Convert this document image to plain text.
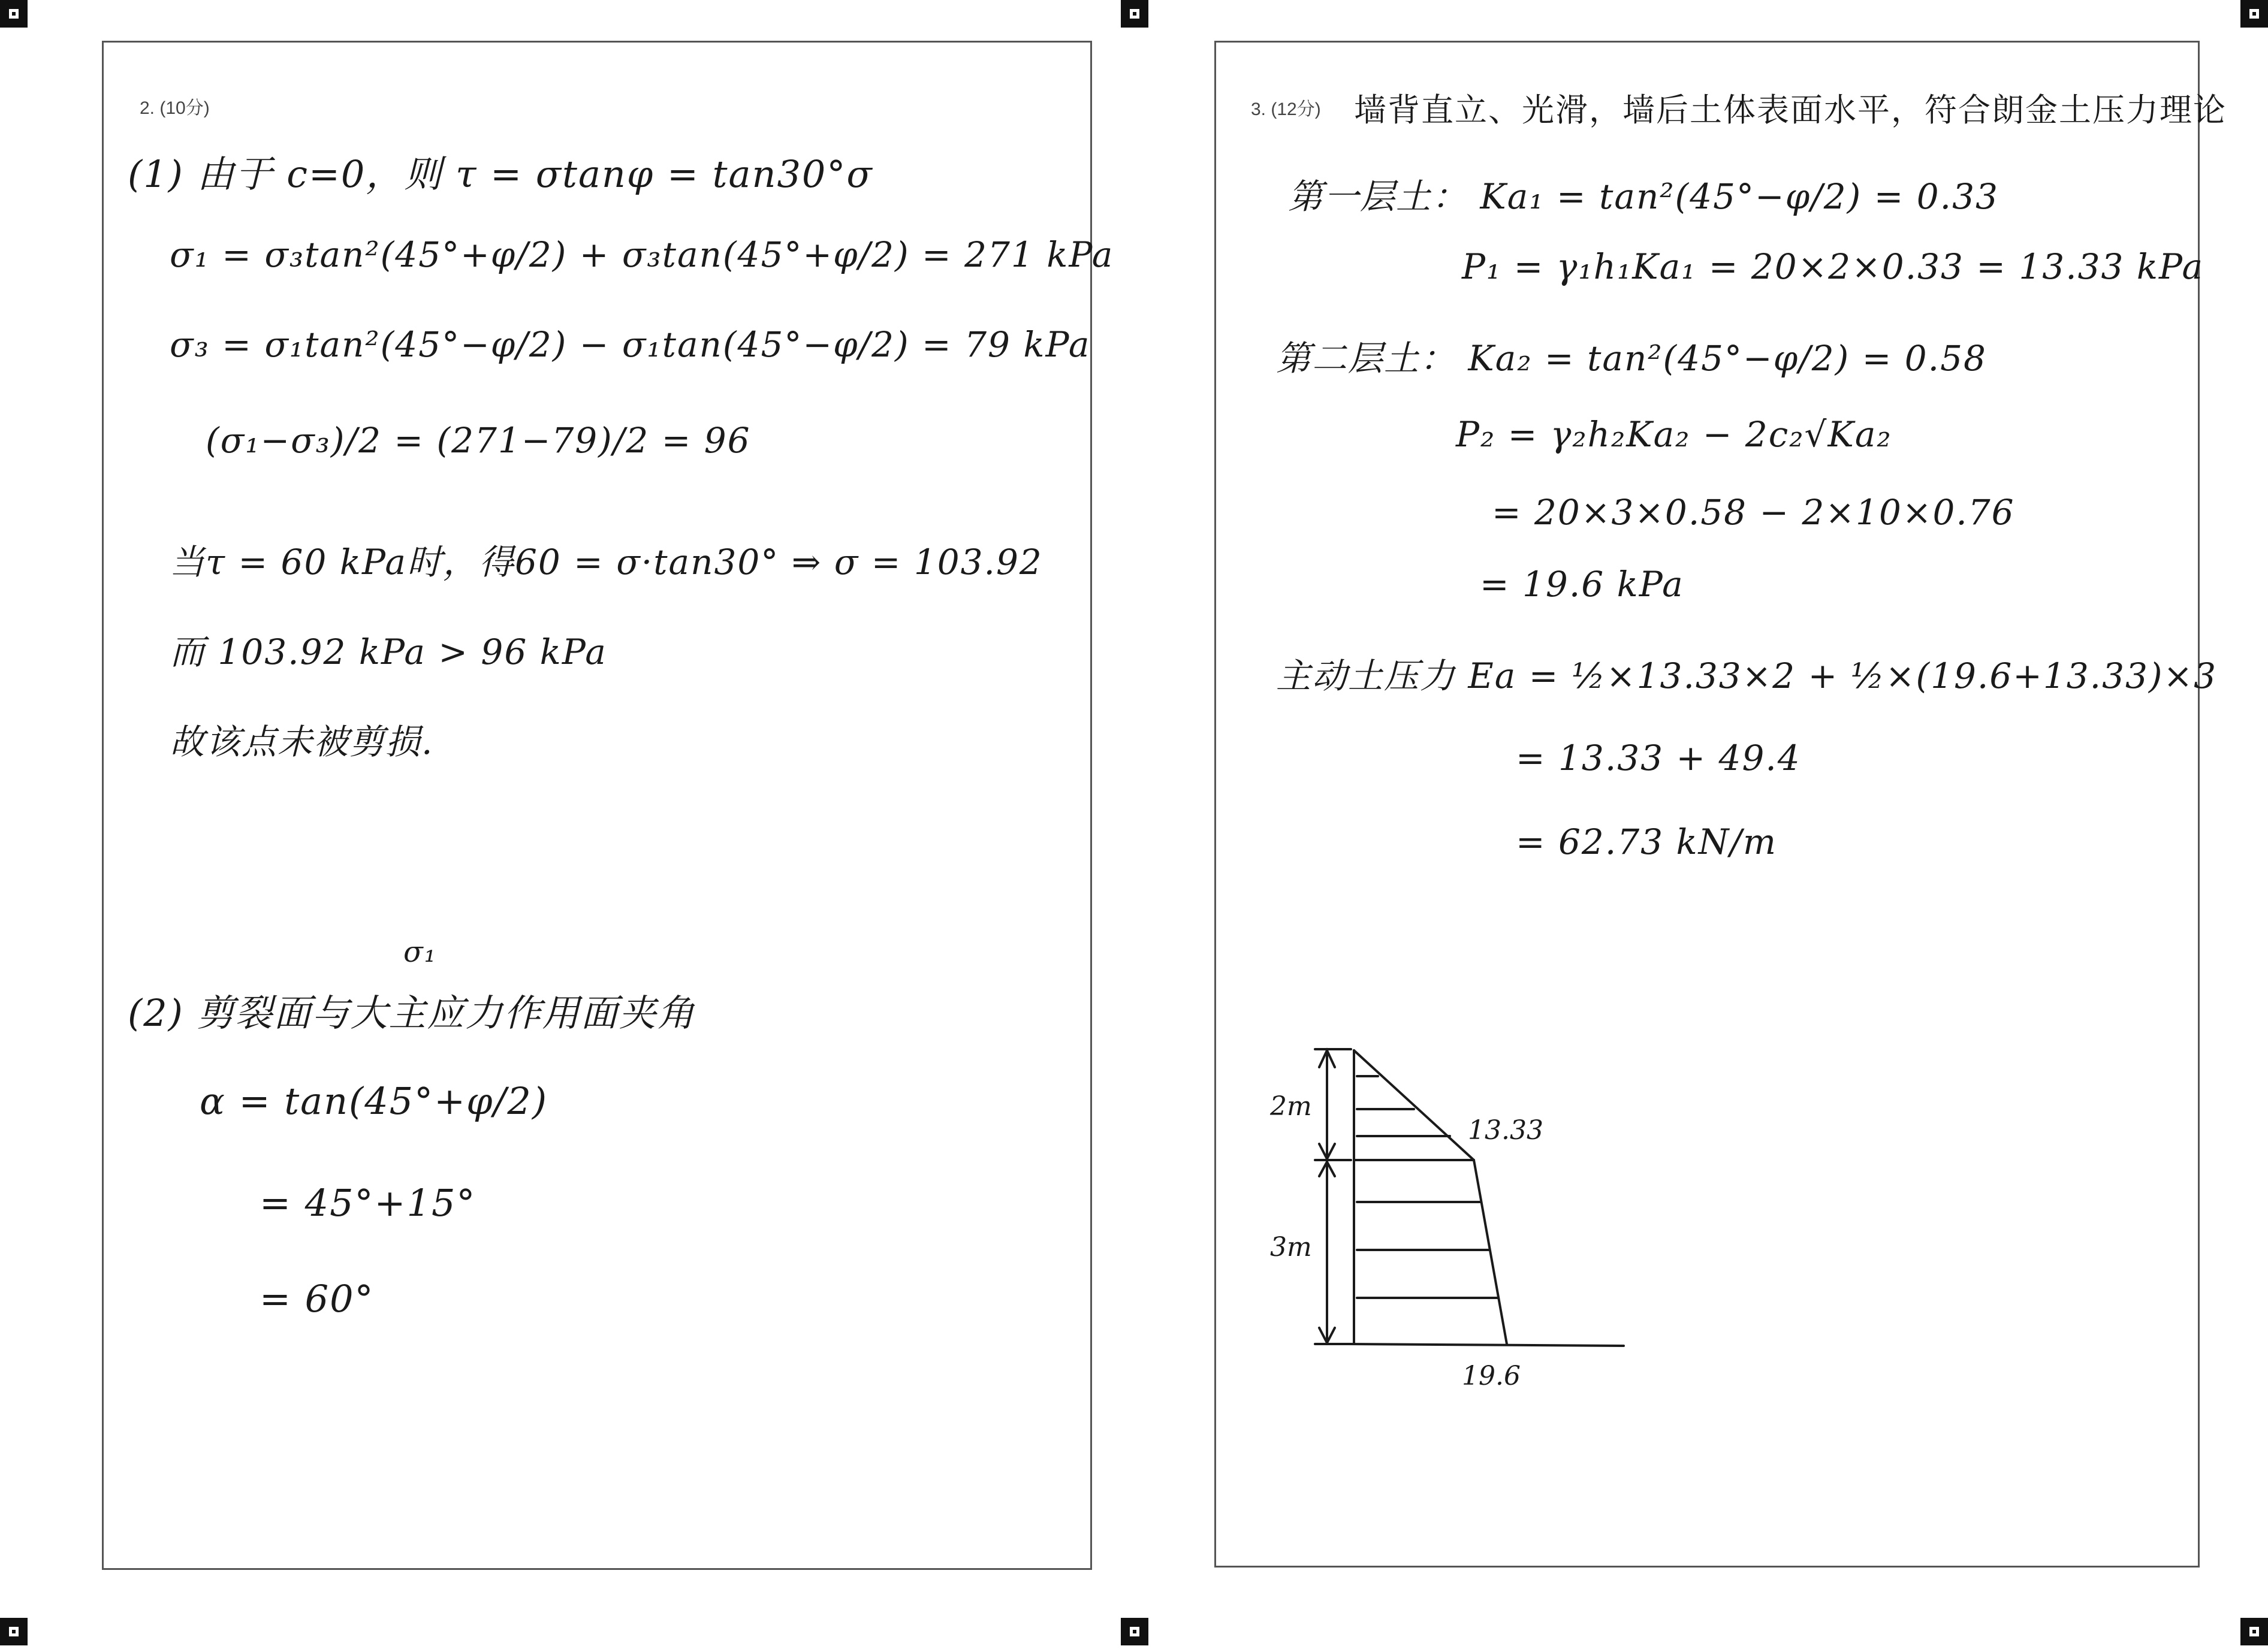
2. (10分)
(1) 由于 c=0，则 τ = σtanφ = tan30°σ
σ₁ = σ₃tan²(45°+φ/2) + σ₃tan(45°+φ/2) = 271 kPa
σ₃ = σ₁tan²(45°−φ/2) − σ₁tan(45°−φ/2) = 79 kPa
(σ₁−σ₃)/2 = (271−79)/2 = 96
当τ = 60 kPa时，得60 = σ·tan30° ⇒ σ = 103.92
而 103.92 kPa > 96 kPa
故该点未被剪损.
σ₁
(2) 剪裂面与大主应力作用面夹角
α = tan(45°+φ/2)
= 45°+15°
= 60°
3. (12分) 墙背直立、光滑，墙后土体表面水平，符合朗金土压力理论
第一层土： Ka₁ = tan²(45°−φ/2) = 0.33
P₁ = γ₁h₁Ka₁ = 20×2×0.33 = 13.33 kPa
第二层土： Ka₂ = tan²(45°−φ/2) = 0.58
P₂ = γ₂h₂Ka₂ − 2c₂√Ka₂
= 20×3×0.58 − 2×10×0.76
= 19.6 kPa
主动土压力 Ea = ½×13.33×2 + ½×(19.6+13.33)×3
= 13.33 + 49.4
= 62.73 kN/m
2m
3m
13.33
19.6
